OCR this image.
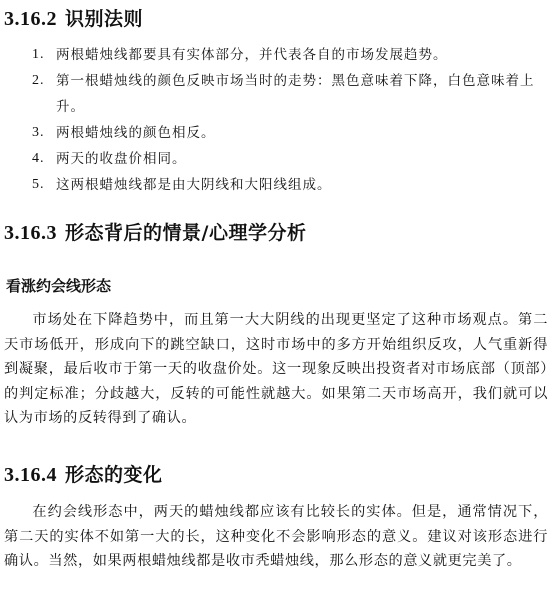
3.16.2 识别法则
1. 两根蜡烛线都要具有实体部分，并代表各自的市场发展趋势。
2. 第一根蜡烛线的颜色反映市场当时的走势：黑色意味着下降，白色意味着上升。
3. 两根蜡烛线的颜色相反。
4. 两天的收盘价相同。
5. 这两根蜡烛线都是由大阴线和大阳线组成。
3.16.3 形态背后的情景/心理学分析
看涨约会线形态

市场处在下降趋势中，而且第一大大阴线的出现更坚定了这种市场观点。第二天市场低开，形成向下的跳空缺口，这时市场中的多方开始组织反攻，人气重新得到凝聚，最后收市于第一天的收盘价处。这一现象反映出投资者对市场底部（顶部）的判定标准；分歧越大，反转的可能性就越大。如果第二天市场高开，我们就可以认为市场的反转得到了确认。

3.16.4 形态的变化

在约会线形态中，两天的蜡烛线都应该有比较长的实体。但是，通常情况下，第二天的实体不如第一大的长，这种变化不会影响形态的意义。建议对该形态进行确认。当然，如果两根蜡烛线都是收市秃蜡烛线，那么形态的意义就更完美了。
